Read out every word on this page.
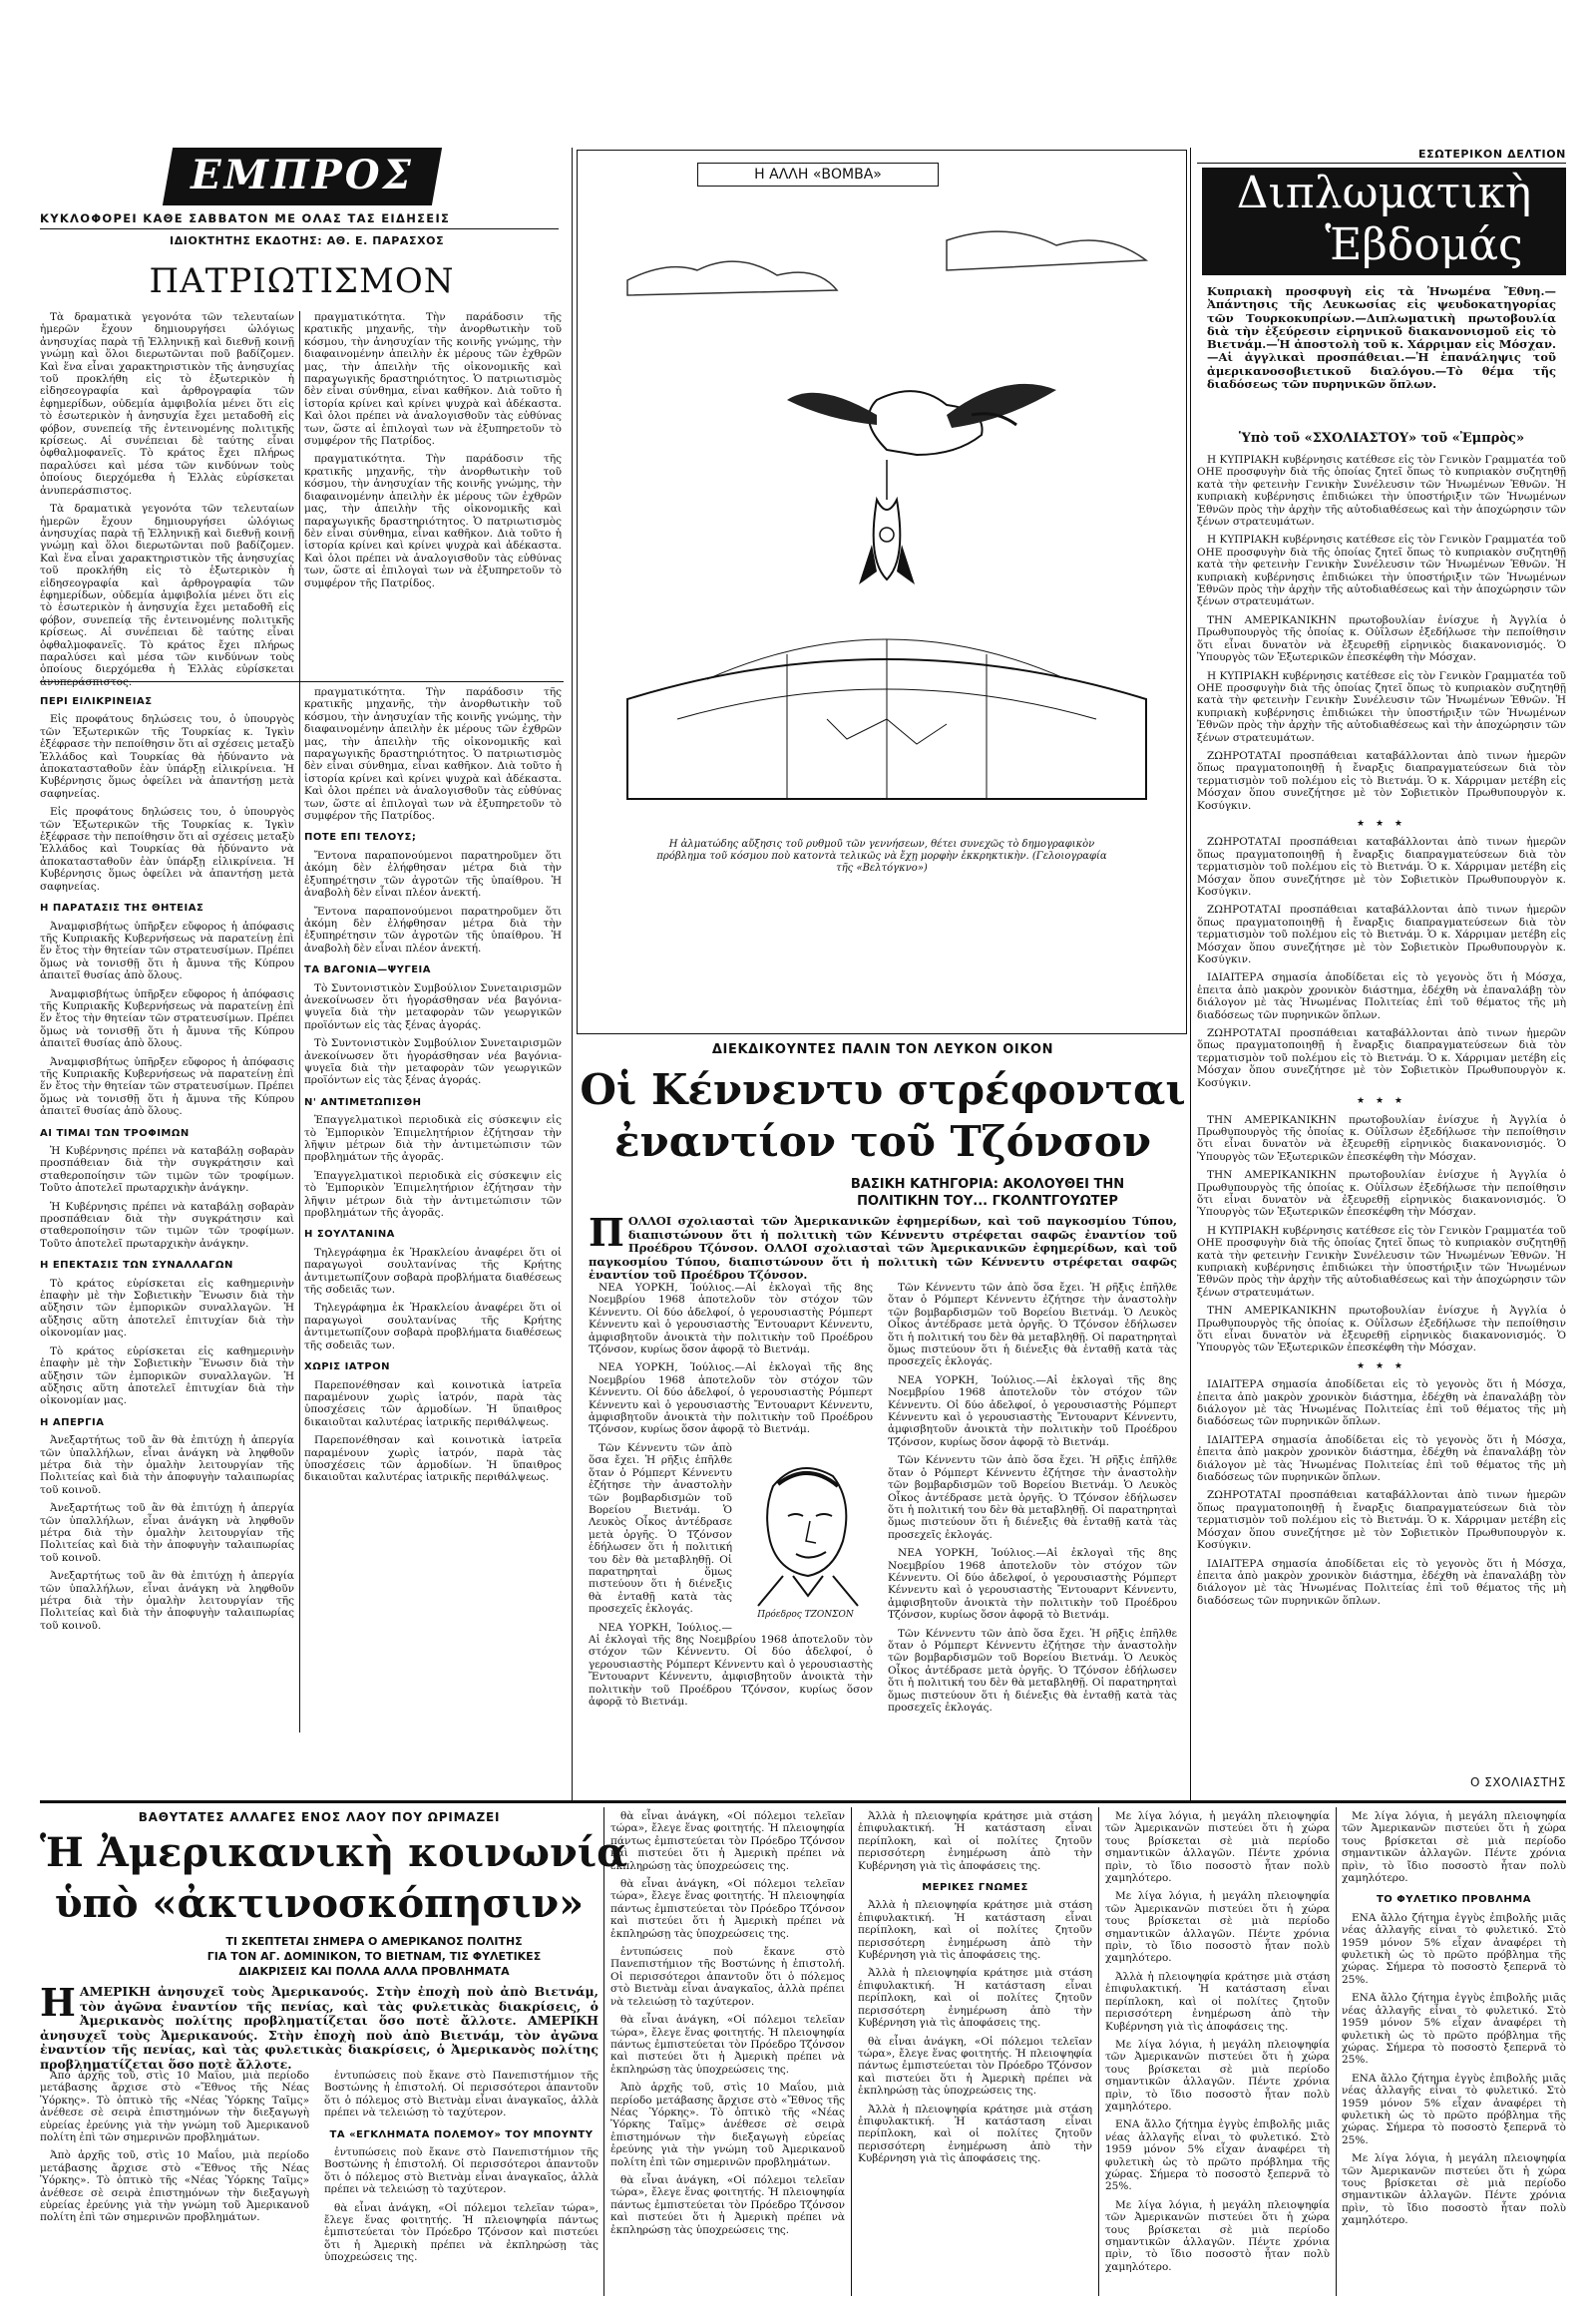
ΕΜΠΡΟΣ
ΚΥΚΛΟΦΟΡΕΙ ΚΑΘΕ ΣΑΒΒΑΤΟΝ ΜΕ ΟΛΑΣ ΤΑΣ ΕΙΔΗΣΕΙΣ
ΙΔΙΟΚΤΗΤΗΣ ΕΚΔΟΤΗΣ: ΑΘ. Ε. ΠΑΡΑΣΧΟΣ
ΠΑΤΡΙΩΤΙΣΜΟΝ

Τὰ δραματικὰ γεγονότα τῶν τελευταίων ἡμερῶν ἔχουν δημιουργήσει ὡλόγιως ἀνησυχίας παρὰ τῇ Ἑλληνικῇ καὶ διεθνῇ κοινῇ γνώμῃ καὶ ὅλοι διερωτῶνται ποῦ βαδίζομεν. Καὶ ἕνα εἶναι χαρακτηριστικὸν τῆς ἀνησυχίας τοῦ προκλήθη εἰς τὸ ἐξωτερικὸν ἡ εἰδησεογραφία καὶ ἀρθρογραφία τῶν ἐφημερίδων, οὐδεμία ἀμφιβολία μένει ὅτι εἰς τὸ ἐσωτερικὸν ἡ ἀνησυχία ἔχει μεταδοθῆ εἰς φόβον, συνεπείᾳ τῆς ἐντεινομένης πολιτικῆς κρίσεως. Αἱ συνέπειαι δὲ ταύτης εἶναι ὀφθαλμοφανεῖς. Τὸ κράτος ἔχει πλήρως παραλύσει καὶ μέσα τῶν κινδύνων τοὺς ὁποίους διερχόμεθα ἡ Ἑλλὰς εὑρίσκεται ἀνυπεράσπιστος.

Τὰ δραματικὰ γεγονότα τῶν τελευταίων ἡμερῶν ἔχουν δημιουργήσει ὡλόγιως ἀνησυχίας παρὰ τῇ Ἑλληνικῇ καὶ διεθνῇ κοινῇ γνώμῃ καὶ ὅλοι διερωτῶνται ποῦ βαδίζομεν. Καὶ ἕνα εἶναι χαρακτηριστικὸν τῆς ἀνησυχίας τοῦ προκλήθη εἰς τὸ ἐξωτερικὸν ἡ εἰδησεογραφία καὶ ἀρθρογραφία τῶν ἐφημερίδων, οὐδεμία ἀμφιβολία μένει ὅτι εἰς τὸ ἐσωτερικὸν ἡ ἀνησυχία ἔχει μεταδοθῆ εἰς φόβον, συνεπείᾳ τῆς ἐντεινομένης πολιτικῆς κρίσεως. Αἱ συνέπειαι δὲ ταύτης εἶναι ὀφθαλμοφανεῖς. Τὸ κράτος ἔχει πλήρως παραλύσει καὶ μέσα τῶν κινδύνων τοὺς ὁποίους διερχόμεθα ἡ Ἑλλὰς εὑρίσκεται ἀνυπεράσπιστος.

πραγματικότητα. Τὴν παράδοσιν τῆς κρατικῆς μηχανῆς, τὴν ἀνορθωτικὴν τοῦ κόσμου, τὴν ἀνησυχίαν τῆς κοινῆς γνώμης, τὴν διαφαινομένην ἀπειλὴν ἐκ μέρους τῶν ἐχθρῶν μας, τὴν ἀπειλὴν τῆς οἰκονομικῆς καὶ παραγωγικῆς δραστηριότητος. Ὁ πατριωτισμὸς δὲν εἶναι σύνθημα, εἶναι καθῆκον. Διὰ τοῦτο ἡ ἰστορία κρίνει καὶ κρίνει ψυχρὰ καὶ ἀδέκαστα. Καὶ ὁλοι πρέπει νὰ ἀναλογισθοῦν τὰς εὐθύνας των, ὥστε αἱ ἐπιλογαὶ των νὰ ἐξυπηρετοῦν τὸ συμφέρον τῆς Πατρίδος.

πραγματικότητα. Τὴν παράδοσιν τῆς κρατικῆς μηχανῆς, τὴν ἀνορθωτικὴν τοῦ κόσμου, τὴν ἀνησυχίαν τῆς κοινῆς γνώμης, τὴν διαφαινομένην ἀπειλὴν ἐκ μέρους τῶν ἐχθρῶν μας, τὴν ἀπειλὴν τῆς οἰκονομικῆς καὶ παραγωγικῆς δραστηριότητος. Ὁ πατριωτισμὸς δὲν εἶναι σύνθημα, εἶναι καθῆκον. Διὰ τοῦτο ἡ ἰστορία κρίνει καὶ κρίνει ψυχρὰ καὶ ἀδέκαστα. Καὶ ὁλοι πρέπει νὰ ἀναλογισθοῦν τὰς εὐθύνας των, ὥστε αἱ ἐπιλογαὶ των νὰ ἐξυπηρετοῦν τὸ συμφέρον τῆς Πατρίδος.

ΠΕΡΙ ΕΙΛΙΚΡΙΝΕΙΑΣ

Εἰς προφάτους δηλώσεις του, ὁ ὑπουργὸς τῶν Ἐξωτερικῶν τῆς Τουρκίας κ. Ἰγκὶν ἐξέφρασε τὴν πεποίθησιν ὅτι αἱ σχέσεις μεταξὺ Ἑλλάδος καὶ Τουρκίας θὰ ἠδύναντο νὰ ἀποκατασταθοῦν ἐὰν ὑπάρξῃ εἰλικρίνεια. Ἡ Κυβέρνησις ὅμως ὀφείλει νὰ ἀπαντήσῃ μετὰ σαφηνείας.

Εἰς προφάτους δηλώσεις του, ὁ ὑπουργὸς τῶν Ἐξωτερικῶν τῆς Τουρκίας κ. Ἰγκὶν ἐξέφρασε τὴν πεποίθησιν ὅτι αἱ σχέσεις μεταξὺ Ἑλλάδος καὶ Τουρκίας θὰ ἠδύναντο νὰ ἀποκατασταθοῦν ἐὰν ὑπάρξῃ εἰλικρίνεια. Ἡ Κυβέρνησις ὅμως ὀφείλει νὰ ἀπαντήσῃ μετὰ σαφηνείας.

Η ΠΑΡΑΤΑΣΙΣ ΤΗΣ ΘΗΤΕΙΑΣ

Ἀναμφισβήτως ὑπῆρξεν εὔφορος ἡ ἀπόφασις τῆς Κυπριακῆς Κυβερνήσεως νὰ παρατείνῃ ἐπὶ ἕν ἔτος τὴν θητείαν τῶν στρατευσίμων. Πρέπει ὅμως νὰ τονισθῇ ὅτι ἡ ἄμυνα τῆς Κύπρου ἀπαιτεῖ θυσίας ἀπὸ ὅλους.

Ἀναμφισβήτως ὑπῆρξεν εὔφορος ἡ ἀπόφασις τῆς Κυπριακῆς Κυβερνήσεως νὰ παρατείνῃ ἐπὶ ἕν ἔτος τὴν θητείαν τῶν στρατευσίμων. Πρέπει ὅμως νὰ τονισθῇ ὅτι ἡ ἄμυνα τῆς Κύπρου ἀπαιτεῖ θυσίας ἀπὸ ὅλους.

Ἀναμφισβήτως ὑπῆρξεν εὔφορος ἡ ἀπόφασις τῆς Κυπριακῆς Κυβερνήσεως νὰ παρατείνῃ ἐπὶ ἕν ἔτος τὴν θητείαν τῶν στρατευσίμων. Πρέπει ὅμως νὰ τονισθῇ ὅτι ἡ ἄμυνα τῆς Κύπρου ἀπαιτεῖ θυσίας ἀπὸ ὅλους.

ΑΙ ΤΙΜΑΙ ΤΩΝ ΤΡΟΦΙΜΩΝ

Ἡ Κυβέρνησις πρέπει νὰ καταβάλῃ σοβαρὰν προσπάθειαν διὰ τὴν συγκράτησιν καὶ σταθεροποίησιν τῶν τιμῶν τῶν τροφίμων. Τοῦτο ἀποτελεῖ πρωταρχικὴν ἀνάγκην.

Ἡ Κυβέρνησις πρέπει νὰ καταβάλῃ σοβαρὰν προσπάθειαν διὰ τὴν συγκράτησιν καὶ σταθεροποίησιν τῶν τιμῶν τῶν τροφίμων. Τοῦτο ἀποτελεῖ πρωταρχικὴν ἀνάγκην.

Η ΕΠΕΚΤΑΣΙΣ ΤΩΝ ΣΥΝΑΛΛΑΓΩΝ

Τὸ κράτος εὑρίσκεται εἰς καθημερινὴν ἐπαφὴν μὲ τὴν Σοβιετικὴν Ἕνωσιν διὰ τὴν αὔξησιν τῶν ἐμπορικῶν συναλλαγῶν. Ἡ αὔξησις αὕτη ἀποτελεῖ ἐπιτυχίαν διὰ τὴν οἰκονομίαν μας.

Τὸ κράτος εὑρίσκεται εἰς καθημερινὴν ἐπαφὴν μὲ τὴν Σοβιετικὴν Ἕνωσιν διὰ τὴν αὔξησιν τῶν ἐμπορικῶν συναλλαγῶν. Ἡ αὔξησις αὕτη ἀποτελεῖ ἐπιτυχίαν διὰ τὴν οἰκονομίαν μας.

Η ΑΠΕΡΓΙΑ

Ἀνεξαρτήτως τοῦ ἂν θὰ ἐπιτύχῃ ἡ ἀπεργία τῶν ὑπαλλήλων, εἶναι ἀνάγκη νὰ ληφθοῦν μέτρα διὰ τὴν ὁμαλὴν λειτουργίαν τῆς Πολιτείας καὶ διὰ τὴν ἀποφυγὴν ταλαιπωρίας τοῦ κοινοῦ.

Ἀνεξαρτήτως τοῦ ἂν θὰ ἐπιτύχῃ ἡ ἀπεργία τῶν ὑπαλλήλων, εἶναι ἀνάγκη νὰ ληφθοῦν μέτρα διὰ τὴν ὁμαλὴν λειτουργίαν τῆς Πολιτείας καὶ διὰ τὴν ἀποφυγὴν ταλαιπωρίας τοῦ κοινοῦ.

Ἀνεξαρτήτως τοῦ ἂν θὰ ἐπιτύχῃ ἡ ἀπεργία τῶν ὑπαλλήλων, εἶναι ἀνάγκη νὰ ληφθοῦν μέτρα διὰ τὴν ὁμαλὴν λειτουργίαν τῆς Πολιτείας καὶ διὰ τὴν ἀποφυγὴν ταλαιπωρίας τοῦ κοινοῦ.

πραγματικότητα. Τὴν παράδοσιν τῆς κρατικῆς μηχανῆς, τὴν ἀνορθωτικὴν τοῦ κόσμου, τὴν ἀνησυχίαν τῆς κοινῆς γνώμης, τὴν διαφαινομένην ἀπειλὴν ἐκ μέρους τῶν ἐχθρῶν μας, τὴν ἀπειλὴν τῆς οἰκονομικῆς καὶ παραγωγικῆς δραστηριότητος. Ὁ πατριωτισμὸς δὲν εἶναι σύνθημα, εἶναι καθῆκον. Διὰ τοῦτο ἡ ἰστορία κρίνει καὶ κρίνει ψυχρὰ καὶ ἀδέκαστα. Καὶ ὁλοι πρέπει νὰ ἀναλογισθοῦν τὰς εὐθύνας των, ὥστε αἱ ἐπιλογαὶ των νὰ ἐξυπηρετοῦν τὸ συμφέρον τῆς Πατρίδος.

ΠΟΤΕ ΕΠΙ ΤΕΛΟΥΣ;

Ἔντονα παραπονούμενοι παρατηροῦμεν ὅτι ἀκόμη δὲν ἐλήφθησαν μέτρα διὰ τὴν ἐξυπηρέτησιν τῶν ἀγροτῶν τῆς ὑπαίθρου. Ἡ ἀναβολὴ δὲν εἶναι πλέον ἀνεκτή.

Ἔντονα παραπονούμενοι παρατηροῦμεν ὅτι ἀκόμη δὲν ἐλήφθησαν μέτρα διὰ τὴν ἐξυπηρέτησιν τῶν ἀγροτῶν τῆς ὑπαίθρου. Ἡ ἀναβολὴ δὲν εἶναι πλέον ἀνεκτή.

ΤΑ ΒΑΓΟΝΙΑ—ΨΥΓΕΙΑ

Τὸ Συντονιστικὸν Συμβούλιον Συνεταιρισμῶν ἀνεκοίνωσεν ὅτι ἠγοράσθησαν νέα βαγόνια-ψυγεῖα διὰ τὴν μεταφορὰν τῶν γεωργικῶν προϊόντων εἰς τὰς ξένας ἀγοράς.

Τὸ Συντονιστικὸν Συμβούλιον Συνεταιρισμῶν ἀνεκοίνωσεν ὅτι ἠγοράσθησαν νέα βαγόνια-ψυγεῖα διὰ τὴν μεταφορὰν τῶν γεωργικῶν προϊόντων εἰς τὰς ξένας ἀγοράς.

Ν' ΑΝΤΙΜΕΤΩΠΙΣΘΗ

Ἐπαγγελματικοὶ περιοδικὰ εἰς σύσκεψιν εἰς τὸ Ἐμπορικὸν Ἐπιμελητήριον ἐζήτησαν τὴν λῆψιν μέτρων διὰ τὴν ἀντιμετώπισιν τῶν προβλημάτων τῆς ἀγορᾶς.

Ἐπαγγελματικοὶ περιοδικὰ εἰς σύσκεψιν εἰς τὸ Ἐμπορικὸν Ἐπιμελητήριον ἐζήτησαν τὴν λῆψιν μέτρων διὰ τὴν ἀντιμετώπισιν τῶν προβλημάτων τῆς ἀγορᾶς.

Η ΣΟΥΛΤΑΝΙΝΑ

Τηλεγράφημα ἐκ Ἡρακλείου ἀναφέρει ὅτι οἱ παραγωγοὶ σουλτανίνας τῆς Κρήτης ἀντιμετωπίζουν σοβαρὰ προβλήματα διαθέσεως τῆς σοδειᾶς των.

Τηλεγράφημα ἐκ Ἡρακλείου ἀναφέρει ὅτι οἱ παραγωγοὶ σουλτανίνας τῆς Κρήτης ἀντιμετωπίζουν σοβαρὰ προβλήματα διαθέσεως τῆς σοδειᾶς των.

ΧΩΡΙΣ ΙΑΤΡΟΝ

Παρεπονέθησαν καὶ κοινοτικὰ ἰατρεῖα παραμένουν χωρὶς ἰατρόν, παρὰ τὰς ὑποσχέσεις τῶν ἁρμοδίων. Ἡ ὕπαιθρος δικαιοῦται καλυτέρας ἰατρικῆς περιθάλψεως.

Παρεπονέθησαν καὶ κοινοτικὰ ἰατρεῖα παραμένουν χωρὶς ἰατρόν, παρὰ τὰς ὑποσχέσεις τῶν ἁρμοδίων. Ἡ ὕπαιθρος δικαιοῦται καλυτέρας ἰατρικῆς περιθάλψεως.

Η ΑΛΛΗ «ΒΟΜΒΑ»
Η ἀλματώδης αὔξησις τοῦ ρυθμοῦ τῶν γεννήσεων, θέτει συνεχῶς τὸ δημογραφικὸν πρόβλημα τοῦ κόσμου ποὺ κατοντὰ τελικῶς νὰ ἔχῃ μορφὴν ἐκκρηκτικὴν. (Γελοιογραφία τῆς «Βελτόγκνο»)
ΔΙΕΚΔΙΚΟΥΝΤΕΣ ΠΑΛΙΝ ΤΟΝ ΛΕΥΚΟΝ ΟΙΚΟΝ
Οἱ Κέννεντυ στρέφονται
ἐναντίον τοῦ Τζόνσον
ΒΑΣΙΚΗ ΚΑΤΗΓΟΡΙΑ: ΑΚΟΛΟΥΘΕΙ ΤΗΝ
ΠΟΛΙΤΙΚΗΝ ΤΟΥ... ΓΚΟΛΝΤΓΟΥΩΤΕΡ
Π ΟΛΛΟΙ σχολιασταὶ τῶν Ἀμερικανικῶν ἐφημερίδων, καὶ τοῦ παγκοσμίου Τύπου, διαπιστώνουν ὅτι ἡ πολιτικὴ τῶν Κέννεντυ στρέφεται σαφῶς ἐναντίον τοῦ Προέδρου Τζόνσον. ΟΛΛΟΙ σχολιασταὶ τῶν Ἀμερικανικῶν ἐφημερίδων, καὶ τοῦ παγκοσμίου Τύπου, διαπιστώνουν ὅτι ἡ πολιτικὴ τῶν Κέννεντυ στρέφεται σαφῶς ἐναντίον τοῦ Προέδρου Τζόνσον.

ΝΕΑ ΥΟΡΚΗ, Ἰούλιος.—Αἱ ἐκλογαὶ τῆς 8ης Νοεμβρίου 1968 ἀποτελοῦν τὸν στόχον τῶν Κέννεντυ. Οἱ δύο ἀδελφοί, ὁ γερουσιαστὴς Ρόμπερτ Κέννεντυ καὶ ὁ γερουσιαστὴς Ἔντουαρντ Κέννεντυ, ἀμφισβητοῦν ἀνοικτὰ τὴν πολιτικὴν τοῦ Προέδρου Τζόνσον, κυρίως ὅσον ἀφορᾷ τὸ Βιετνάμ.

ΝΕΑ ΥΟΡΚΗ, Ἰούλιος.—Αἱ ἐκλογαὶ τῆς 8ης Νοεμβρίου 1968 ἀποτελοῦν τὸν στόχον τῶν Κέννεντυ. Οἱ δύο ἀδελφοί, ὁ γερουσιαστὴς Ρόμπερτ Κέννεντυ καὶ ὁ γερουσιαστὴς Ἔντουαρντ Κέννεντυ, ἀμφισβητοῦν ἀνοικτὰ τὴν πολιτικὴν τοῦ Προέδρου Τζόνσον, κυρίως ὅσον ἀφορᾷ τὸ Βιετνάμ.

Πρόεδρος ΤΖΟΝΣΟΝ

Τῶν Κέννεντυ τῶν ἀπὸ ὅσα ἔχει. Ἡ ρῆξις ἐπῆλθε ὅταν ὁ Ρόμπερτ Κέννεντυ ἐζήτησε τὴν ἀναστολὴν τῶν βομβαρδισμῶν τοῦ Βορείου Βιετνάμ. Ὁ Λευκὸς Οἶκος ἀντέδρασε μετὰ ὀργῆς. Ὁ Τζόνσον ἐδήλωσεν ὅτι ἡ πολιτική του δὲν θὰ μεταβληθῇ. Οἱ παρατηρηταὶ ὅμως πιστεύουν ὅτι ἡ διένεξις θὰ ἐνταθῇ κατὰ τὰς προσεχεῖς ἐκλογάς.

ΝΕΑ ΥΟΡΚΗ, Ἰούλιος.—Αἱ ἐκλογαὶ τῆς 8ης Νοεμβρίου 1968 ἀποτελοῦν τὸν στόχον τῶν Κέννεντυ. Οἱ δύο ἀδελφοί, ὁ γερουσιαστὴς Ρόμπερτ Κέννεντυ καὶ ὁ γερουσιαστὴς Ἔντουαρντ Κέννεντυ, ἀμφισβητοῦν ἀνοικτὰ τὴν πολιτικὴν τοῦ Προέδρου Τζόνσον, κυρίως ὅσον ἀφορᾷ τὸ Βιετνάμ.

Τῶν Κέννεντυ τῶν ἀπὸ ὅσα ἔχει. Ἡ ρῆξις ἐπῆλθε ὅταν ὁ Ρόμπερτ Κέννεντυ ἐζήτησε τὴν ἀναστολὴν τῶν βομβαρδισμῶν τοῦ Βορείου Βιετνάμ. Ὁ Λευκὸς Οἶκος ἀντέδρασε μετὰ ὀργῆς. Ὁ Τζόνσον ἐδήλωσεν ὅτι ἡ πολιτική του δὲν θὰ μεταβληθῇ. Οἱ παρατηρηταὶ ὅμως πιστεύουν ὅτι ἡ διένεξις θὰ ἐνταθῇ κατὰ τὰς προσεχεῖς ἐκλογάς.

ΝΕΑ ΥΟΡΚΗ, Ἰούλιος.—Αἱ ἐκλογαὶ τῆς 8ης Νοεμβρίου 1968 ἀποτελοῦν τὸν στόχον τῶν Κέννεντυ. Οἱ δύο ἀδελφοί, ὁ γερουσιαστὴς Ρόμπερτ Κέννεντυ καὶ ὁ γερουσιαστὴς Ἔντουαρντ Κέννεντυ, ἀμφισβητοῦν ἀνοικτὰ τὴν πολιτικὴν τοῦ Προέδρου Τζόνσον, κυρίως ὅσον ἀφορᾷ τὸ Βιετνάμ.

Τῶν Κέννεντυ τῶν ἀπὸ ὅσα ἔχει. Ἡ ρῆξις ἐπῆλθε ὅταν ὁ Ρόμπερτ Κέννεντυ ἐζήτησε τὴν ἀναστολὴν τῶν βομβαρδισμῶν τοῦ Βορείου Βιετνάμ. Ὁ Λευκὸς Οἶκος ἀντέδρασε μετὰ ὀργῆς. Ὁ Τζόνσον ἐδήλωσεν ὅτι ἡ πολιτική του δὲν θὰ μεταβληθῇ. Οἱ παρατηρηταὶ ὅμως πιστεύουν ὅτι ἡ διένεξις θὰ ἐνταθῇ κατὰ τὰς προσεχεῖς ἐκλογάς.

ΝΕΑ ΥΟΡΚΗ, Ἰούλιος.—Αἱ ἐκλογαὶ τῆς 8ης Νοεμβρίου 1968 ἀποτελοῦν τὸν στόχον τῶν Κέννεντυ. Οἱ δύο ἀδελφοί, ὁ γερουσιαστὴς Ρόμπερτ Κέννεντυ καὶ ὁ γερουσιαστὴς Ἔντουαρντ Κέννεντυ, ἀμφισβητοῦν ἀνοικτὰ τὴν πολιτικὴν τοῦ Προέδρου Τζόνσον, κυρίως ὅσον ἀφορᾷ τὸ Βιετνάμ.

Τῶν Κέννεντυ τῶν ἀπὸ ὅσα ἔχει. Ἡ ρῆξις ἐπῆλθε ὅταν ὁ Ρόμπερτ Κέννεντυ ἐζήτησε τὴν ἀναστολὴν τῶν βομβαρδισμῶν τοῦ Βορείου Βιετνάμ. Ὁ Λευκὸς Οἶκος ἀντέδρασε μετὰ ὀργῆς. Ὁ Τζόνσον ἐδήλωσεν ὅτι ἡ πολιτική του δὲν θὰ μεταβληθῇ. Οἱ παρατηρηταὶ ὅμως πιστεύουν ὅτι ἡ διένεξις θὰ ἐνταθῇ κατὰ τὰς προσεχεῖς ἐκλογάς.

ΕΣΩΤΕΡΙΚΟΝ ΔΕΛΤΙΟΝ
Διπλωματικὴ
Ἑβδομάς
Κυπριακὴ προσφυγὴ εἰς τὰ Ἡνωμένα Ἔθνη.—Ἀπάντησις τῆς Λευκωσίας εἰς ψευδοκατηγορίας τῶν Τουρκοκυπρίων.—Διπλωματικὴ πρωτοβουλία διὰ τὴν ἐξεύρεσιν εἰρηνικοῦ διακανονισμοῦ εἰς τὸ Βιετνάμ.—Ἡ ἀποστολὴ τοῦ κ. Χάρριμαν εἰς Μόσχαν.—Αἱ ἀγγλικαὶ προσπάθειαι.—Ἡ ἐπανάληψις τοῦ ἀμερικανοσοβιετικοῦ διαλόγου.—Τὸ θέμα τῆς διαδόσεως τῶν πυρηνικῶν ὅπλων.
Ὑπὸ τοῦ «ΣΧΟΛΙΑΣΤΟΥ» τοῦ «Ἐμπρὸς»

Η ΚΥΠΡΙΑΚΗ κυβέρνησις κατέθεσε εἰς τὸν Γενικὸν Γραμματέα τοῦ ΟΗΕ προσφυγὴν διὰ τῆς ὁποίας ζητεῖ ὅπως τὸ κυπριακὸν συζητηθῇ κατὰ τὴν φετεινὴν Γενικὴν Συνέλευσιν τῶν Ἡνωμένων Ἐθνῶν. Ἡ κυπριακὴ κυβέρνησις ἐπιδιώκει τὴν ὑποστήριξιν τῶν Ἡνωμένων Ἐθνῶν πρὸς τὴν ἀρχὴν τῆς αὐτοδιαθέσεως καὶ τὴν ἀποχώρησιν τῶν ξένων στρατευμάτων.

Η ΚΥΠΡΙΑΚΗ κυβέρνησις κατέθεσε εἰς τὸν Γενικὸν Γραμματέα τοῦ ΟΗΕ προσφυγὴν διὰ τῆς ὁποίας ζητεῖ ὅπως τὸ κυπριακὸν συζητηθῇ κατὰ τὴν φετεινὴν Γενικὴν Συνέλευσιν τῶν Ἡνωμένων Ἐθνῶν. Ἡ κυπριακὴ κυβέρνησις ἐπιδιώκει τὴν ὑποστήριξιν τῶν Ἡνωμένων Ἐθνῶν πρὸς τὴν ἀρχὴν τῆς αὐτοδιαθέσεως καὶ τὴν ἀποχώρησιν τῶν ξένων στρατευμάτων.

ΤΗΝ ΑΜΕΡΙΚΑΝΙΚΗΝ πρωτοβουλίαν ἐνίσχυε ἡ Ἀγγλία ὁ Πρωθυπουργὸς τῆς ὁποίας κ. Οὐΐλσων ἐξεδήλωσε τὴν πεποίθησιν ὅτι εἶναι δυνατὸν νὰ ἐξευρεθῇ εἰρηνικὸς διακανονισμός. Ὁ Ὑπουργὸς τῶν Ἐξωτερικῶν ἐπεσκέφθη τὴν Μόσχαν.

Η ΚΥΠΡΙΑΚΗ κυβέρνησις κατέθεσε εἰς τὸν Γενικὸν Γραμματέα τοῦ ΟΗΕ προσφυγὴν διὰ τῆς ὁποίας ζητεῖ ὅπως τὸ κυπριακὸν συζητηθῇ κατὰ τὴν φετεινὴν Γενικὴν Συνέλευσιν τῶν Ἡνωμένων Ἐθνῶν. Ἡ κυπριακὴ κυβέρνησις ἐπιδιώκει τὴν ὑποστήριξιν τῶν Ἡνωμένων Ἐθνῶν πρὸς τὴν ἀρχὴν τῆς αὐτοδιαθέσεως καὶ τὴν ἀποχώρησιν τῶν ξένων στρατευμάτων.

ΖΩΗΡΟΤΑΤΑΙ προσπάθειαι καταβάλλονται ἀπὸ τινων ἡμερῶν ὅπως πραγματοποιηθῇ ἡ ἔναρξις διαπραγματεύσεων διὰ τὸν τερματισμὸν τοῦ πολέμου εἰς τὸ Βιετνάμ. Ὁ κ. Χάρριμαν μετέβη εἰς Μόσχαν ὅπου συνεζήτησε μὲ τὸν Σοβιετικὸν Πρωθυπουργὸν κ. Κοσύγκιν.

★ ★ ★

ΖΩΗΡΟΤΑΤΑΙ προσπάθειαι καταβάλλονται ἀπὸ τινων ἡμερῶν ὅπως πραγματοποιηθῇ ἡ ἔναρξις διαπραγματεύσεων διὰ τὸν τερματισμὸν τοῦ πολέμου εἰς τὸ Βιετνάμ. Ὁ κ. Χάρριμαν μετέβη εἰς Μόσχαν ὅπου συνεζήτησε μὲ τὸν Σοβιετικὸν Πρωθυπουργὸν κ. Κοσύγκιν.

ΖΩΗΡΟΤΑΤΑΙ προσπάθειαι καταβάλλονται ἀπὸ τινων ἡμερῶν ὅπως πραγματοποιηθῇ ἡ ἔναρξις διαπραγματεύσεων διὰ τὸν τερματισμὸν τοῦ πολέμου εἰς τὸ Βιετνάμ. Ὁ κ. Χάρριμαν μετέβη εἰς Μόσχαν ὅπου συνεζήτησε μὲ τὸν Σοβιετικὸν Πρωθυπουργὸν κ. Κοσύγκιν.

ΙΔΙΑΙΤΕΡΑ σημασία ἀποδίδεται εἰς τὸ γεγονὸς ὅτι ἡ Μόσχα, ἐπειτα ἀπὸ μακρὸν χρονικὸν διάστημα, ἐδέχθη νὰ ἐπαναλάβῃ τὸν διάλογον μὲ τὰς Ἡνωμένας Πολιτείας ἐπὶ τοῦ θέματος τῆς μὴ διαδόσεως τῶν πυρηνικῶν ὅπλων.

ΖΩΗΡΟΤΑΤΑΙ προσπάθειαι καταβάλλονται ἀπὸ τινων ἡμερῶν ὅπως πραγματοποιηθῇ ἡ ἔναρξις διαπραγματεύσεων διὰ τὸν τερματισμὸν τοῦ πολέμου εἰς τὸ Βιετνάμ. Ὁ κ. Χάρριμαν μετέβη εἰς Μόσχαν ὅπου συνεζήτησε μὲ τὸν Σοβιετικὸν Πρωθυπουργὸν κ. Κοσύγκιν.

★ ★ ★

ΤΗΝ ΑΜΕΡΙΚΑΝΙΚΗΝ πρωτοβουλίαν ἐνίσχυε ἡ Ἀγγλία ὁ Πρωθυπουργὸς τῆς ὁποίας κ. Οὐΐλσων ἐξεδήλωσε τὴν πεποίθησιν ὅτι εἶναι δυνατὸν νὰ ἐξευρεθῇ εἰρηνικὸς διακανονισμός. Ὁ Ὑπουργὸς τῶν Ἐξωτερικῶν ἐπεσκέφθη τὴν Μόσχαν.

ΤΗΝ ΑΜΕΡΙΚΑΝΙΚΗΝ πρωτοβουλίαν ἐνίσχυε ἡ Ἀγγλία ὁ Πρωθυπουργὸς τῆς ὁποίας κ. Οὐΐλσων ἐξεδήλωσε τὴν πεποίθησιν ὅτι εἶναι δυνατὸν νὰ ἐξευρεθῇ εἰρηνικὸς διακανονισμός. Ὁ Ὑπουργὸς τῶν Ἐξωτερικῶν ἐπεσκέφθη τὴν Μόσχαν.

Η ΚΥΠΡΙΑΚΗ κυβέρνησις κατέθεσε εἰς τὸν Γενικὸν Γραμματέα τοῦ ΟΗΕ προσφυγὴν διὰ τῆς ὁποίας ζητεῖ ὅπως τὸ κυπριακὸν συζητηθῇ κατὰ τὴν φετεινὴν Γενικὴν Συνέλευσιν τῶν Ἡνωμένων Ἐθνῶν. Ἡ κυπριακὴ κυβέρνησις ἐπιδιώκει τὴν ὑποστήριξιν τῶν Ἡνωμένων Ἐθνῶν πρὸς τὴν ἀρχὴν τῆς αὐτοδιαθέσεως καὶ τὴν ἀποχώρησιν τῶν ξένων στρατευμάτων.

ΤΗΝ ΑΜΕΡΙΚΑΝΙΚΗΝ πρωτοβουλίαν ἐνίσχυε ἡ Ἀγγλία ὁ Πρωθυπουργὸς τῆς ὁποίας κ. Οὐΐλσων ἐξεδήλωσε τὴν πεποίθησιν ὅτι εἶναι δυνατὸν νὰ ἐξευρεθῇ εἰρηνικὸς διακανονισμός. Ὁ Ὑπουργὸς τῶν Ἐξωτερικῶν ἐπεσκέφθη τὴν Μόσχαν.

★ ★ ★

ΙΔΙΑΙΤΕΡΑ σημασία ἀποδίδεται εἰς τὸ γεγονὸς ὅτι ἡ Μόσχα, ἐπειτα ἀπὸ μακρὸν χρονικὸν διάστημα, ἐδέχθη νὰ ἐπαναλάβῃ τὸν διάλογον μὲ τὰς Ἡνωμένας Πολιτείας ἐπὶ τοῦ θέματος τῆς μὴ διαδόσεως τῶν πυρηνικῶν ὅπλων.

ΙΔΙΑΙΤΕΡΑ σημασία ἀποδίδεται εἰς τὸ γεγονὸς ὅτι ἡ Μόσχα, ἐπειτα ἀπὸ μακρὸν χρονικὸν διάστημα, ἐδέχθη νὰ ἐπαναλάβῃ τὸν διάλογον μὲ τὰς Ἡνωμένας Πολιτείας ἐπὶ τοῦ θέματος τῆς μὴ διαδόσεως τῶν πυρηνικῶν ὅπλων.

ΖΩΗΡΟΤΑΤΑΙ προσπάθειαι καταβάλλονται ἀπὸ τινων ἡμερῶν ὅπως πραγματοποιηθῇ ἡ ἔναρξις διαπραγματεύσεων διὰ τὸν τερματισμὸν τοῦ πολέμου εἰς τὸ Βιετνάμ. Ὁ κ. Χάρριμαν μετέβη εἰς Μόσχαν ὅπου συνεζήτησε μὲ τὸν Σοβιετικὸν Πρωθυπουργὸν κ. Κοσύγκιν.

ΙΔΙΑΙΤΕΡΑ σημασία ἀποδίδεται εἰς τὸ γεγονὸς ὅτι ἡ Μόσχα, ἐπειτα ἀπὸ μακρὸν χρονικὸν διάστημα, ἐδέχθη νὰ ἐπαναλάβῃ τὸν διάλογον μὲ τὰς Ἡνωμένας Πολιτείας ἐπὶ τοῦ θέματος τῆς μὴ διαδόσεως τῶν πυρηνικῶν ὅπλων.

Ο ΣΧΟΛΙΑΣΤΗΣ
ΒΑΘΥΤΑΤΕΣ ΑΛΛΑΓΕΣ ΕΝΟΣ ΛΑΟΥ ΠΟΥ ΩΡΙΜΑΖΕΙ
Ἡ Ἀμερικανικὴ κοινωνία
ὑπὸ «ἀκτινοσκόπησιν»
ΤΙ ΣΚΕΠΤΕΤΑΙ ΣΗΜΕΡΑ Ο ΑΜΕΡΙΚΑΝΟΣ ΠΟΛΙΤΗΣ
ΓΙΑ ΤΟΝ ΑΓ. ΔΟΜΙΝΙΚΟΝ, ΤΟ ΒΙΕΤΝΑΜ, ΤΙΣ ΦΥΛΕΤΙΚΕΣ
ΔΙΑΚΡΙΣΕΙΣ ΚΑΙ ΠΟΛΛΑ ΑΛΛΑ ΠΡΟΒΛΗΜΑΤΑ
Η ΑΜΕΡΙΚΗ ἀνησυχεῖ τοὺς Ἀμερικανούς. Στὴν ἐποχὴ ποὺ ἀπὸ Βιετνάμ, τὸν ἀγῶνα ἐναντίον τῆς πενίας, καὶ τὰς φυλετικὰς διακρίσεις, ὁ Ἀμερικανὸς πολίτης προβληματίζεται ὅσο ποτὲ ἄλλοτε. ΑΜΕΡΙΚΗ ἀνησυχεῖ τοὺς Ἀμερικανούς. Στὴν ἐποχὴ ποὺ ἀπὸ Βιετνάμ, τὸν ἀγῶνα ἐναντίον τῆς πενίας, καὶ τὰς φυλετικὰς διακρίσεις, ὁ Ἀμερικανὸς πολίτης προβληματίζεται ὅσο ποτὲ ἄλλοτε.

Ἀπὸ ἀρχῆς τοῦ, στὶς 10 Μαΐου, μιὰ περίοδο μετάβασης ἄρχισε στὸ «Ἔθνος τῆς Νέας Ὑόρκης». Τὸ ὀπτικὸ τῆς «Νέας Ὑόρκης Ταῖμς» ἀνέθεσε σὲ σειρὰ ἐπιστημόνων τὴν διεξαγωγὴ εὐρείας ἐρεύνης γιὰ τὴν γνώμη τοῦ Ἀμερικανοῦ πολίτη ἐπὶ τῶν σημερινῶν προβλημάτων.

Ἀπὸ ἀρχῆς τοῦ, στὶς 10 Μαΐου, μιὰ περίοδο μετάβασης ἄρχισε στὸ «Ἔθνος τῆς Νέας Ὑόρκης». Τὸ ὀπτικὸ τῆς «Νέας Ὑόρκης Ταῖμς» ἀνέθεσε σὲ σειρὰ ἐπιστημόνων τὴν διεξαγωγὴ εὐρείας ἐρεύνης γιὰ τὴν γνώμη τοῦ Ἀμερικανοῦ πολίτη ἐπὶ τῶν σημερινῶν προβλημάτων.

ἐντυπώσεις ποὺ ἔκανε στὸ Πανεπιστήμιον τῆς Βοστώνης ἡ ἐπιστολή. Οἱ περισσότεροι ἀπαντοῦν ὅτι ὁ πόλεμος στὸ Βιετνὰμ εἶναι ἀναγκαῖος, ἀλλὰ πρέπει νὰ τελειώσῃ τὸ ταχύτερον.

ΤΑ «ΕΓΚΛΗΜΑΤΑ ΠΟΛΕΜΟΥ» ΤΟΥ ΜΠΟΥΝΤΥ

ἐντυπώσεις ποὺ ἔκανε στὸ Πανεπιστήμιον τῆς Βοστώνης ἡ ἐπιστολή. Οἱ περισσότεροι ἀπαντοῦν ὅτι ὁ πόλεμος στὸ Βιετνὰμ εἶναι ἀναγκαῖος, ἀλλὰ πρέπει νὰ τελειώσῃ τὸ ταχύτερον.

θὰ εἶναι ἀνάγκη, «Οἱ πόλεμοι τελεῖαν τώρα», ἔλεγε ἕνας φοιτητής. Ἡ πλειοψηφία πάντως ἐμπιστεύεται τὸν Πρόεδρο Τζόνσον καὶ πιστεύει ὅτι ἡ Ἀμερικὴ πρέπει νὰ ἐκπληρώσῃ τὰς ὑποχρεώσεις της.

θὰ εἶναι ἀνάγκη, «Οἱ πόλεμοι τελεῖαν τώρα», ἔλεγε ἕνας φοιτητής. Ἡ πλειοψηφία πάντως ἐμπιστεύεται τὸν Πρόεδρο Τζόνσον καὶ πιστεύει ὅτι ἡ Ἀμερικὴ πρέπει νὰ ἐκπληρώσῃ τὰς ὑποχρεώσεις της.

θὰ εἶναι ἀνάγκη, «Οἱ πόλεμοι τελεῖαν τώρα», ἔλεγε ἕνας φοιτητής. Ἡ πλειοψηφία πάντως ἐμπιστεύεται τὸν Πρόεδρο Τζόνσον καὶ πιστεύει ὅτι ἡ Ἀμερικὴ πρέπει νὰ ἐκπληρώσῃ τὰς ὑποχρεώσεις της.

ἐντυπώσεις ποὺ ἔκανε στὸ Πανεπιστήμιον τῆς Βοστώνης ἡ ἐπιστολή. Οἱ περισσότεροι ἀπαντοῦν ὅτι ὁ πόλεμος στὸ Βιετνὰμ εἶναι ἀναγκαῖος, ἀλλὰ πρέπει νὰ τελειώσῃ τὸ ταχύτερον.

θὰ εἶναι ἀνάγκη, «Οἱ πόλεμοι τελεῖαν τώρα», ἔλεγε ἕνας φοιτητής. Ἡ πλειοψηφία πάντως ἐμπιστεύεται τὸν Πρόεδρο Τζόνσον καὶ πιστεύει ὅτι ἡ Ἀμερικὴ πρέπει νὰ ἐκπληρώσῃ τὰς ὑποχρεώσεις της.

Ἀπὸ ἀρχῆς τοῦ, στὶς 10 Μαΐου, μιὰ περίοδο μετάβασης ἄρχισε στὸ «Ἔθνος τῆς Νέας Ὑόρκης». Τὸ ὀπτικὸ τῆς «Νέας Ὑόρκης Ταῖμς» ἀνέθεσε σὲ σειρὰ ἐπιστημόνων τὴν διεξαγωγὴ εὐρείας ἐρεύνης γιὰ τὴν γνώμη τοῦ Ἀμερικανοῦ πολίτη ἐπὶ τῶν σημερινῶν προβλημάτων.

θὰ εἶναι ἀνάγκη, «Οἱ πόλεμοι τελεῖαν τώρα», ἔλεγε ἕνας φοιτητής. Ἡ πλειοψηφία πάντως ἐμπιστεύεται τὸν Πρόεδρο Τζόνσον καὶ πιστεύει ὅτι ἡ Ἀμερικὴ πρέπει νὰ ἐκπληρώσῃ τὰς ὑποχρεώσεις της.

Ἀλλὰ ἡ πλειοψηφία κράτησε μιὰ στάση ἐπιφυλακτική. Ἡ κατάσταση εἶναι περίπλοκη, καὶ οἱ πολίτες ζητοῦν περισσότερη ἐνημέρωση ἀπὸ τὴν Κυβέρνηση γιὰ τὶς ἀποφάσεις της.

ΜΕΡΙΚΕΣ ΓΝΩΜΕΣ

Ἀλλὰ ἡ πλειοψηφία κράτησε μιὰ στάση ἐπιφυλακτική. Ἡ κατάσταση εἶναι περίπλοκη, καὶ οἱ πολίτες ζητοῦν περισσότερη ἐνημέρωση ἀπὸ τὴν Κυβέρνηση γιὰ τὶς ἀποφάσεις της.

Ἀλλὰ ἡ πλειοψηφία κράτησε μιὰ στάση ἐπιφυλακτική. Ἡ κατάσταση εἶναι περίπλοκη, καὶ οἱ πολίτες ζητοῦν περισσότερη ἐνημέρωση ἀπὸ τὴν Κυβέρνηση γιὰ τὶς ἀποφάσεις της.

θὰ εἶναι ἀνάγκη, «Οἱ πόλεμοι τελεῖαν τώρα», ἔλεγε ἕνας φοιτητής. Ἡ πλειοψηφία πάντως ἐμπιστεύεται τὸν Πρόεδρο Τζόνσον καὶ πιστεύει ὅτι ἡ Ἀμερικὴ πρέπει νὰ ἐκπληρώσῃ τὰς ὑποχρεώσεις της.

Ἀλλὰ ἡ πλειοψηφία κράτησε μιὰ στάση ἐπιφυλακτική. Ἡ κατάσταση εἶναι περίπλοκη, καὶ οἱ πολίτες ζητοῦν περισσότερη ἐνημέρωση ἀπὸ τὴν Κυβέρνηση γιὰ τὶς ἀποφάσεις της.

Με λίγα λόγια, ἡ μεγάλη πλειοψηφία τῶν Ἀμερικανῶν πιστεύει ὅτι ἡ χώρα τους βρίσκεται σὲ μιὰ περίοδο σημαντικῶν ἀλλαγῶν. Πέντε χρόνια πρὶν, τὸ ἴδιο ποσοστὸ ἦταν πολὺ χαμηλότερο.

Με λίγα λόγια, ἡ μεγάλη πλειοψηφία τῶν Ἀμερικανῶν πιστεύει ὅτι ἡ χώρα τους βρίσκεται σὲ μιὰ περίοδο σημαντικῶν ἀλλαγῶν. Πέντε χρόνια πρὶν, τὸ ἴδιο ποσοστὸ ἦταν πολὺ χαμηλότερο.

Ἀλλὰ ἡ πλειοψηφία κράτησε μιὰ στάση ἐπιφυλακτική. Ἡ κατάσταση εἶναι περίπλοκη, καὶ οἱ πολίτες ζητοῦν περισσότερη ἐνημέρωση ἀπὸ τὴν Κυβέρνηση γιὰ τὶς ἀποφάσεις της.

Με λίγα λόγια, ἡ μεγάλη πλειοψηφία τῶν Ἀμερικανῶν πιστεύει ὅτι ἡ χώρα τους βρίσκεται σὲ μιὰ περίοδο σημαντικῶν ἀλλαγῶν. Πέντε χρόνια πρὶν, τὸ ἴδιο ποσοστὸ ἦταν πολὺ χαμηλότερο.

ΕΝΑ ἄλλο ζήτημα ἐγγὺς ἐπιβολῆς μιᾶς νέας ἀλλαγῆς εἶναι τὸ φυλετικό. Στὸ 1959 μόνον 5% εἶχαν ἀναφέρει τὴ φυλετικὴ ὡς τὸ πρῶτο πρόβλημα τῆς χώρας. Σήμερα τὸ ποσοστὸ ξεπερνᾶ τὸ 25%.

Με λίγα λόγια, ἡ μεγάλη πλειοψηφία τῶν Ἀμερικανῶν πιστεύει ὅτι ἡ χώρα τους βρίσκεται σὲ μιὰ περίοδο σημαντικῶν ἀλλαγῶν. Πέντε χρόνια πρὶν, τὸ ἴδιο ποσοστὸ ἦταν πολὺ χαμηλότερο.

Με λίγα λόγια, ἡ μεγάλη πλειοψηφία τῶν Ἀμερικανῶν πιστεύει ὅτι ἡ χώρα τους βρίσκεται σὲ μιὰ περίοδο σημαντικῶν ἀλλαγῶν. Πέντε χρόνια πρὶν, τὸ ἴδιο ποσοστὸ ἦταν πολὺ χαμηλότερο.

ΤΟ ΦΥΛΕΤΙΚΟ ΠΡΟΒΛΗΜΑ

ΕΝΑ ἄλλο ζήτημα ἐγγὺς ἐπιβολῆς μιᾶς νέας ἀλλαγῆς εἶναι τὸ φυλετικό. Στὸ 1959 μόνον 5% εἶχαν ἀναφέρει τὴ φυλετικὴ ὡς τὸ πρῶτο πρόβλημα τῆς χώρας. Σήμερα τὸ ποσοστὸ ξεπερνᾶ τὸ 25%.

ΕΝΑ ἄλλο ζήτημα ἐγγὺς ἐπιβολῆς μιᾶς νέας ἀλλαγῆς εἶναι τὸ φυλετικό. Στὸ 1959 μόνον 5% εἶχαν ἀναφέρει τὴ φυλετικὴ ὡς τὸ πρῶτο πρόβλημα τῆς χώρας. Σήμερα τὸ ποσοστὸ ξεπερνᾶ τὸ 25%.

ΕΝΑ ἄλλο ζήτημα ἐγγὺς ἐπιβολῆς μιᾶς νέας ἀλλαγῆς εἶναι τὸ φυλετικό. Στὸ 1959 μόνον 5% εἶχαν ἀναφέρει τὴ φυλετικὴ ὡς τὸ πρῶτο πρόβλημα τῆς χώρας. Σήμερα τὸ ποσοστὸ ξεπερνᾶ τὸ 25%.

Με λίγα λόγια, ἡ μεγάλη πλειοψηφία τῶν Ἀμερικανῶν πιστεύει ὅτι ἡ χώρα τους βρίσκεται σὲ μιὰ περίοδο σημαντικῶν ἀλλαγῶν. Πέντε χρόνια πρὶν, τὸ ἴδιο ποσοστὸ ἦταν πολὺ χαμηλότερο.
